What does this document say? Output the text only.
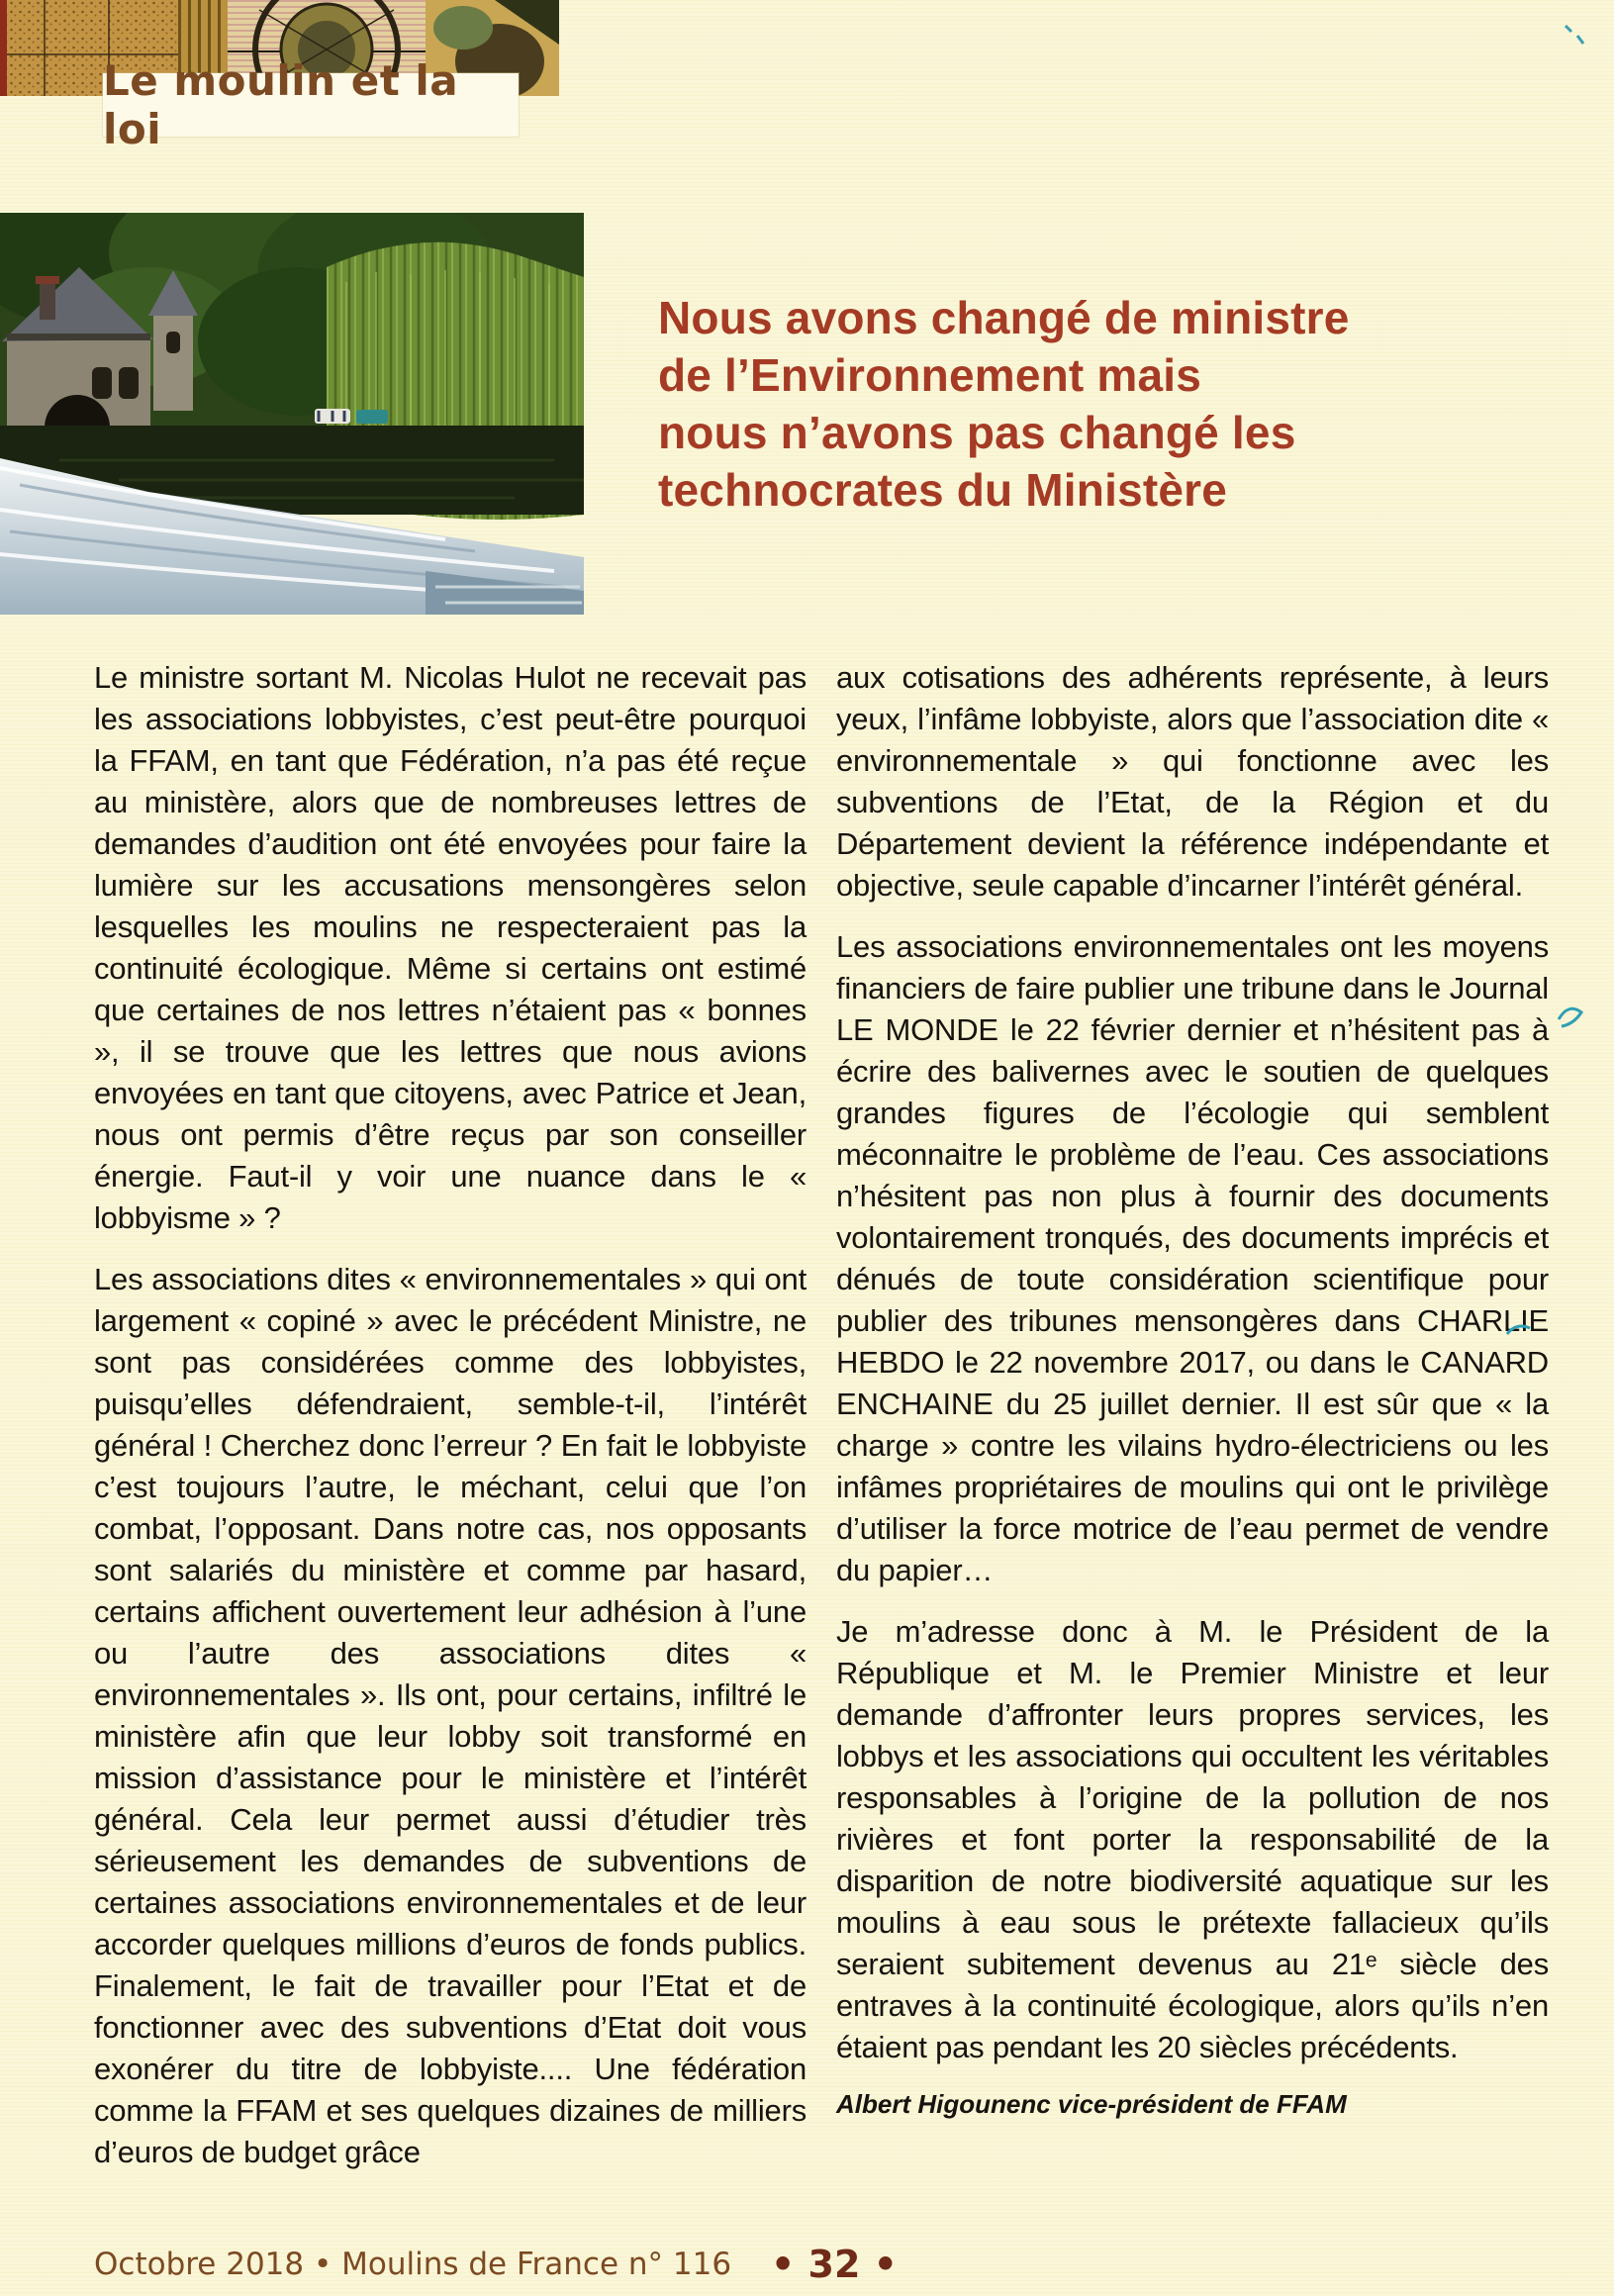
Le moulin et la loi
Nous avons changé de ministre
de l’Environnement mais
nous n’avons pas changé les
technocrates du Ministère

Le ministre sortant M. Nicolas Hulot ne recevait pas les associations lobbyistes, c’est peut-être pourquoi la FFAM, en tant que Fédération, n’a pas été reçue au ministère, alors que de nombreuses lettres de demandes d’audition ont été envoyées pour faire la lumière sur les accusations mensongères selon lesquelles les moulins ne respecteraient pas la continuité écologique. Même si certains ont estimé que certaines de nos lettres n’étaient pas « bonnes », il se trouve que les lettres que nous avions envoyées en tant que citoyens, avec Patrice et Jean, nous ont permis d’être reçus par son conseiller énergie. Faut-il y voir une nuance dans le « lobbyisme » ?

Les associations dites « environnementales » qui ont largement « copiné » avec le précédent Ministre, ne sont pas considérées comme des lobbyistes, puisqu’elles défendraient, semble-t-il, l’intérêt général ! Cherchez donc l’erreur ? En fait le lobbyiste c’est toujours l’autre, le méchant, celui que l’on combat, l’opposant. Dans notre cas, nos opposants sont salariés du ministère et comme par hasard, certains affichent ouvertement leur adhésion à l’une ou l’autre des associations dites « environnementales ». Ils ont, pour certains, infiltré le ministère afin que leur lobby soit transformé en mission d’assistance pour le ministère et l’intérêt général. Cela leur permet aussi d’étudier très sérieusement les demandes de subventions de certaines associations environnementales et de leur accorder quelques millions d’euros de fonds publics. Finalement, le fait de travailler pour l’Etat et de fonctionner avec des subventions d’Etat doit vous exonérer du titre de lobbyiste.... Une fédération comme la FFAM et ses quelques dizaines de milliers d’euros de budget grâce

aux cotisations des adhérents représente, à leurs yeux, l’infâme lobbyiste, alors que l’association dite « environnementale » qui fonctionne avec les subventions de l’Etat, de la Région et du Département devient la référence indépendante et objective, seule capable d’incarner l’intérêt général.

Les associations environnementales ont les moyens financiers de faire publier une tribune dans le Journal LE MONDE le 22 février dernier et n’hésitent pas à écrire des balivernes avec le soutien de quelques grandes figures de l’écologie qui semblent méconnaitre le problème de l’eau. Ces associations n’hésitent pas non plus à fournir des documents volontairement tronqués, des documents imprécis et dénués de toute considération scientifique pour publier des tribunes mensongères dans CHARLIE HEBDO le 22 novembre 2017, ou dans le CANARD ENCHAINE du 25 juillet dernier. Il est sûr que « la charge » contre les vilains hydro-électriciens ou les infâmes propriétaires de moulins qui ont le privilège d’utiliser la force motrice de l’eau permet de vendre du papier…

Je m’adresse donc à M. le Président de la République et M. le Premier Ministre et leur demande d’affronter leurs propres services, les lobbys et les associations qui occultent les véritables responsables à l’origine de la pollution de nos rivières et font porter la responsabilité de la disparition de notre biodiversité aquatique sur les moulins à eau sous le prétexte fallacieux qu’ils seraient subitement devenus au 21ᵉ siècle des entraves à la continuité écologique, alors qu’ils n’en étaient pas pendant les 20 siècles précédents.

Albert Higounenc vice-président de FFAM

Octobre 2018 • Moulins de France n° 116	• 32 •
